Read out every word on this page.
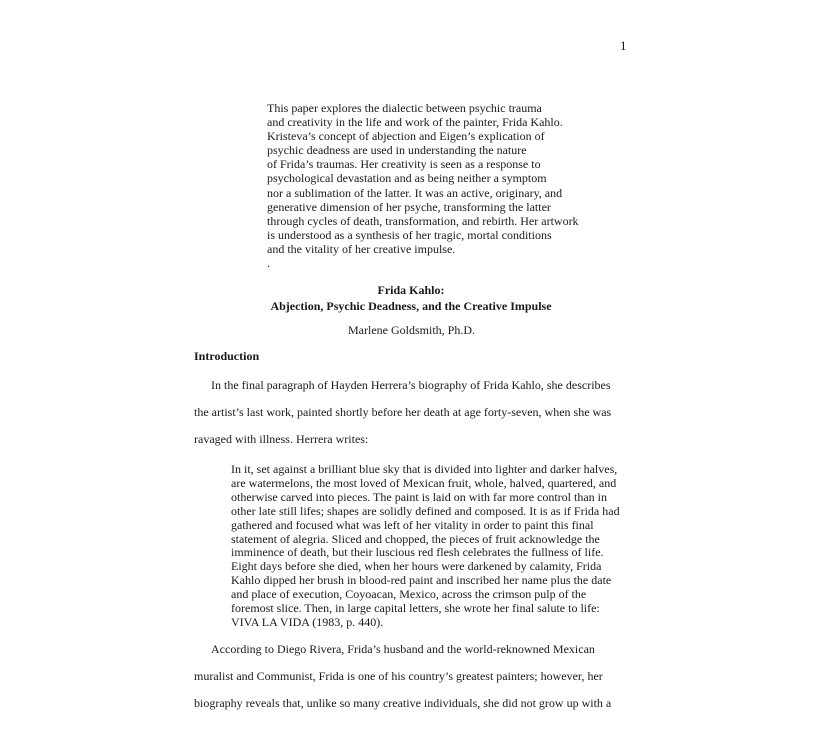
1
This paper explores the dialectic between psychic trauma
and creativity in the life and work of the painter, Frida Kahlo.
Kristeva’s concept of abjection and Eigen’s explication of
psychic deadness are used in understanding the nature
of Frida’s traumas. Her creativity is seen as a response to
psychological devastation and as being neither a symptom
nor a sublimation of the latter. It was an active, originary, and
generative dimension of her psyche, transforming the latter
through cycles of death, transformation, and rebirth. Her artwork
is understood as a synthesis of her tragic, mortal conditions
and the vitality of her creative impulse.
.
Frida Kahlo:
Abjection, Psychic Deadness, and the Creative Impulse
Marlene Goldsmith, Ph.D.
Introduction
In the final paragraph of Hayden Herrera’s biography of Frida Kahlo, she describes
the artist’s last work, painted shortly before her death at age forty-seven, when she was
ravaged with illness. Herrera writes:
In it, set against a brilliant blue sky that is divided into lighter and darker halves,
are watermelons, the most loved of Mexican fruit, whole, halved, quartered, and
otherwise carved into pieces. The paint is laid on with far more control than in
other late still lifes; shapes are solidly defined and composed. It is as if Frida had
gathered and focused what was left of her vitality in order to paint this final
statement of alegria. Sliced and chopped, the pieces of fruit acknowledge the
imminence of death, but their luscious red flesh celebrates the fullness of life.
Eight days before she died, when her hours were darkened by calamity, Frida
Kahlo dipped her brush in blood-red paint and inscribed her name plus the date
and place of execution, Coyoacan, Mexico, across the crimson pulp of the
foremost slice. Then, in large capital letters, she wrote her final salute to life:
VIVA LA VIDA (1983, p. 440).
According to Diego Rivera, Frida’s husband and the world-reknowned Mexican
muralist and Communist, Frida is one of his country’s greatest painters; however, her
biography reveals that, unlike so many creative individuals, she did not grow up with a
